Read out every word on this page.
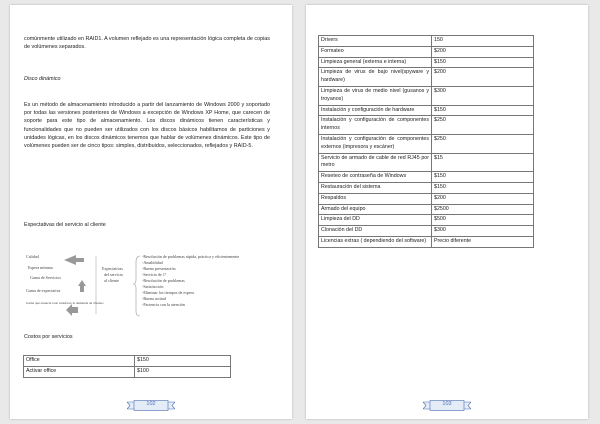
comúnmente utilizado en RAID1. A volumen reflejado es una representación lógica completa de copias de volúmenes separados.

Disco dinámico

Es un método de almacenamiento introducido a partir del lanzamiento de Windows 2000 y soportado por todas las versiones posteriores de Windows a excepción de Windows XP Home, que carecen de soporte para este tipo de almacenamiento. Los discos dinámicos tienen características y funcionalidades que no pueden ser utilizados con los discos básicos habilitamos de particiones y unidades lógicas, en los discos dinámicos tenemos que hablar de volúmenes dinámicos. Este tipo de volúmenes pueden ser de cinco tipos: simples, distribuidos, seleccionados, reflejados y RAID-5.

Expectativas del servicio al cliente

Calidad
Espera mínima
Gama de Servicios
Gama de expectativa
Gama que anuncia todo satisfacer la demanda de clientes
Expectativas
del servicio
al cliente
-Resolución de problemas rápida, práctica y eficientemente
-Amabilidad
-Buena presentación
-Servicio de 1ª
-Resolución de problemas
-Satisfacción
-Eliminar los tiempos de espera
-Buena actitud
-Paciencia con la atención

Costos por servicios

Office	$150
Activar office	$100
102
Drivers	150
Formateo	$200
Limpieza general (externa e interna)	$150
Limpieza de virus de bajo nivel(spyware y hardware)	$200
Limpieza de virus de medio nivel (gusanos y troyanos)	$300
Instalación y configuración de hardware	$150
Instalación y configuración de componentes internos	$250
Instalación y configuración de componentes externos (impresora y escáner)	$250
Servicio de armado de cable de red RJ45 por metro	$15
Reseteo de contraseña de Windows	$150
Restauración del sistema	$150
Respaldos	$200
Armado del equipo	$2500
Limpieza del DD	$500
Clonación del DD	$300
Licencias extras ( dependiendo del software)	Precio diferente
103
